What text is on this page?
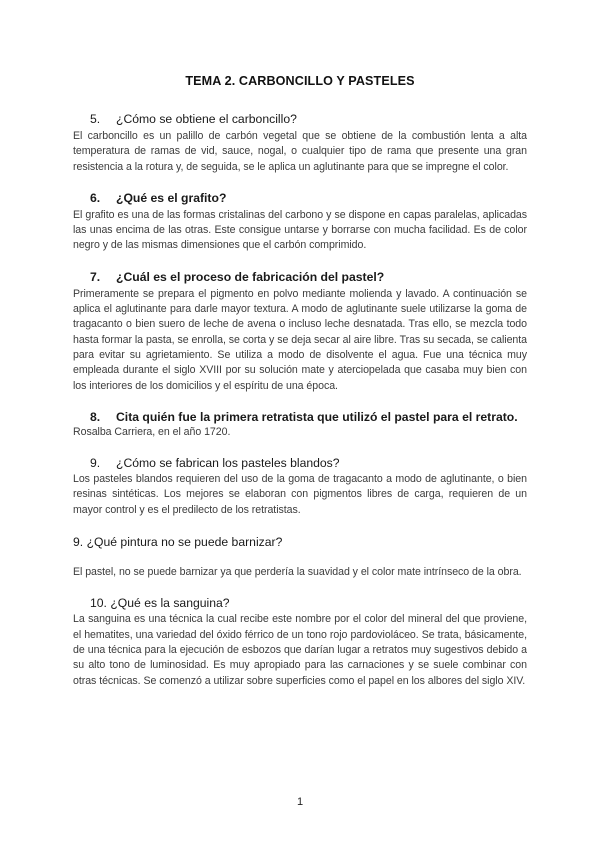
TEMA 2. CARBONCILLO Y PASTELES
5. ¿Cómo se obtiene el carboncillo?

El carboncillo es un palillo de carbón vegetal que se obtiene de la combustión lenta a alta temperatura de ramas de vid, sauce, nogal, o cualquier tipo de rama que presente una gran resistencia a la rotura y, de seguida, se le aplica un aglutinante para que se impregne el color.

6. ¿Qué es el grafito?

El grafito es una de las formas cristalinas del carbono y se dispone en capas paralelas, aplicadas las unas encima de las otras. Este consigue untarse y borrarse con mucha facilidad. Es de color negro y de las mismas dimensiones que el carbón comprimido.

7. ¿Cuál es el proceso de fabricación del pastel?

Primeramente se prepara el pigmento en polvo mediante molienda y lavado. A continuación se aplica el aglutinante para darle mayor textura. A modo de aglutinante suele utilizarse la goma de tragacanto o bien suero de leche de avena o incluso leche desnatada. Tras ello, se mezcla todo hasta formar la pasta, se enrolla, se corta y se deja secar al aire libre. Tras su secada, se calienta para evitar su agrietamiento. Se utiliza a modo de disolvente el agua. Fue una técnica muy empleada durante el siglo XVIII por su solución mate y aterciopelada que casaba muy bien con los interiores de los domicilios y el espíritu de una época.

8. Cita quién fue la primera retratista que utilizó el pastel para el retrato.

Rosalba Carriera, en el año 1720.

9. ¿Cómo se fabrican los pasteles blandos?

Los pasteles blandos requieren del uso de la goma de tragacanto a modo de aglutinante, o bien resinas sintéticas. Los mejores se elaboran con pigmentos libres de carga, requieren de un mayor control y es el predilecto de los retratistas.

9. ¿Qué pintura no se puede barnizar?

El pastel, no se puede barnizar ya que perdería la suavidad y el color mate intrínseco de la obra.

10. ¿Qué es la sanguina?

La sanguina es una técnica la cual recibe este nombre por el color del mineral del que proviene, el hematites, una variedad del óxido férrico de un tono rojo pardovioláceo. Se trata, básicamente, de una técnica para la ejecución de esbozos que darían lugar a retratos muy sugestivos debido a su alto tono de luminosidad. Es muy apropiado para las carnaciones y se suele combinar con otras técnicas. Se comenzó a utilizar sobre superficies como el papel en los albores del siglo XIV.

1
